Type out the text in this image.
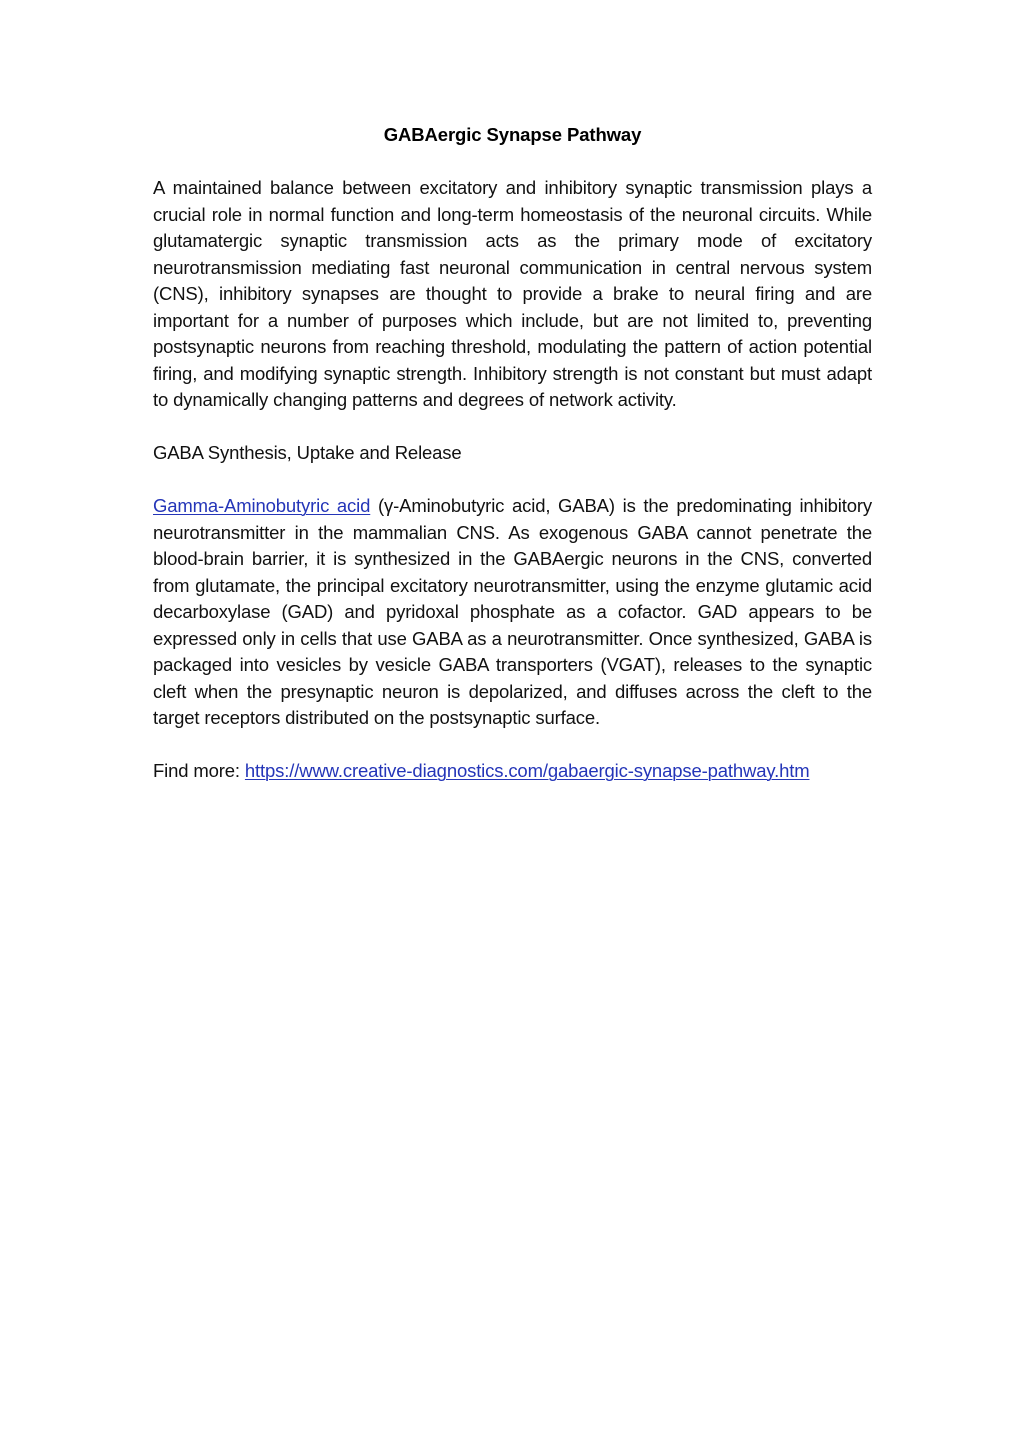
GABAergic Synapse Pathway

A maintained balance between excitatory and inhibitory synaptic transmission plays a crucial role in normal function and long-term homeostasis of the neuronal circuits. While glutamatergic synaptic transmission acts as the primary mode of excitatory neurotransmission mediating fast neuronal communication in central nervous system (CNS), inhibitory synapses are thought to provide a brake to neural firing and are important for a number of purposes which include, but are not limited to, preventing postsynaptic neurons from reaching threshold, modulating the pattern of action potential firing, and modifying synaptic strength. Inhibitory strength is not constant but must adapt to dynamically changing patterns and degrees of network activity.

GABA Synthesis, Uptake and Release

Gamma-Aminobutyric acid (γ-Aminobutyric acid, GABA) is the predominating inhibitory neurotransmitter in the mammalian CNS. As exogenous GABA cannot penetrate the blood-brain barrier, it is synthesized in the GABAergic neurons in the CNS, converted from glutamate, the principal excitatory neurotransmitter, using the enzyme glutamic acid decarboxylase (GAD) and pyridoxal phosphate as a cofactor. GAD appears to be expressed only in cells that use GABA as a neurotransmitter. Once synthesized, GABA is packaged into vesicles by vesicle GABA transporters (VGAT), releases to the synaptic cleft when the presynaptic neuron is depolarized, and diffuses across the cleft to the target receptors distributed on the postsynaptic surface.

Find more: https://www.creative-diagnostics.com/gabaergic-synapse-pathway.htm
